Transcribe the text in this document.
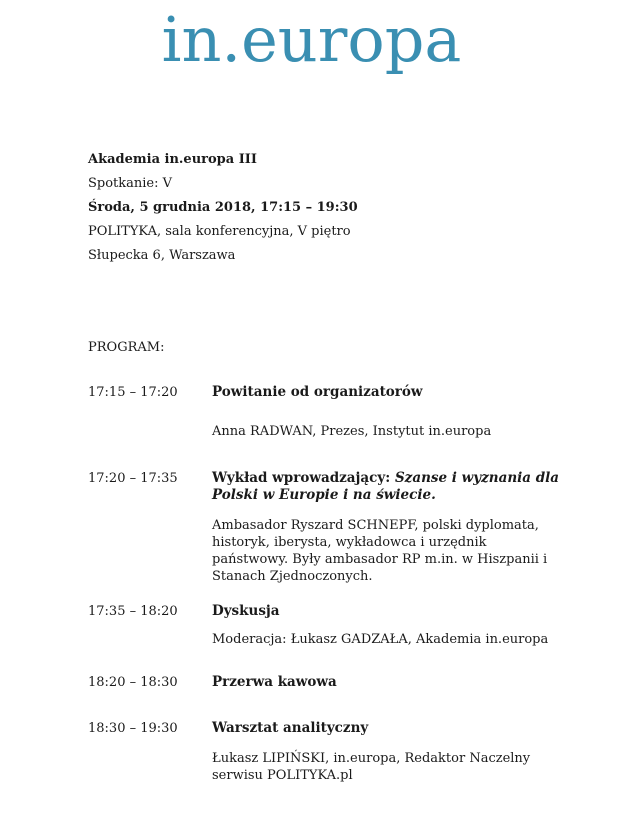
in.europa
Akademia in.europa III
Spotkanie: V
Środa, 5 grudnia 2018, 17:15 – 19:30
POLITYKA, sala konferencyjna, V piętro
Słupecka 6, Warszawa
PROGRAM:
17:15 – 17:20	Powitanie od organizatorów
Anna RADWAN, Prezes, Instytut in.europa
17:20 – 17:35	Wykład wprowadzający: Szanse i wyznania dla Polski w Europie i na świecie.
Ambasador Ryszard SCHNEPF, polski dyplomata, historyk, iberysta, wykładowca i urzędnik państwowy. Były ambasador RP m.in. w Hiszpanii i Stanach Zjednoczonych.
17:35 – 18:20	Dyskusja
Moderacja: Łukasz GADZAŁA, Akademia in.europa
18:20 – 18:30	Przerwa kawowa
18:30 – 19:30	Warsztat analityczny
Łukasz LIPIŃSKI, in.europa, Redaktor Naczelny serwisu POLITYKA.pl
